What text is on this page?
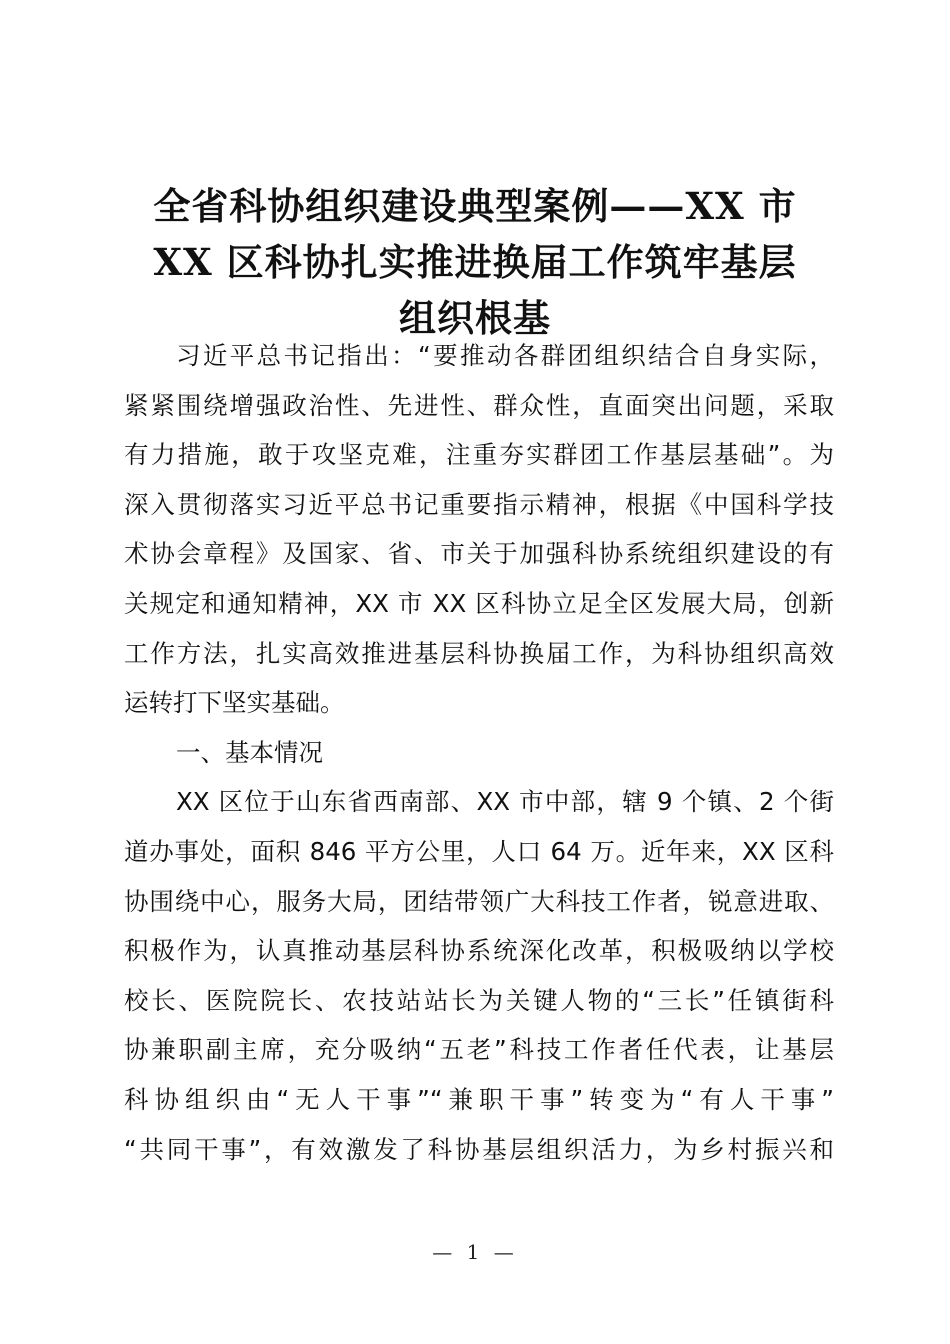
全省科协组织建设典型案例——XX 市
XX 区科协扎实推进换届工作筑牢基层
组织根基
习近平总书记指出：“要推动各群团组织结合自身实际，
紧紧围绕增强政治性、先进性、群众性，直面突出问题，采取
有力措施，敢于攻坚克难，注重夯实群团工作基层基础”。为
深入贯彻落实习近平总书记重要指示精神，根据《中国科学技
术协会章程》及国家、省、市关于加强科协系统组织建设的有
关规定和通知精神，XX 市 XX 区科协立足全区发展大局，创新
工作方法，扎实高效推进基层科协换届工作，为科协组织高效
运转打下坚实基础。
一、基本情况
XX 区位于山东省西南部、XX 市中部，辖 9 个镇、2 个街
道办事处，面积 846 平方公里，人口 64 万。近年来，XX 区科
协围绕中心，服务大局，团结带领广大科技工作者，锐意进取、
积极作为，认真推动基层科协系统深化改革，积极吸纳以学校
校长、医院院长、农技站站长为关键人物的“三长”任镇街科
协兼职副主席，充分吸纳“五老”科技工作者任代表，让基层
科协组织由“无人干事”“兼职干事”转变为“有人干事”
“共同干事”，有效激发了科协基层组织活力，为乡村振兴和
— 1 —
